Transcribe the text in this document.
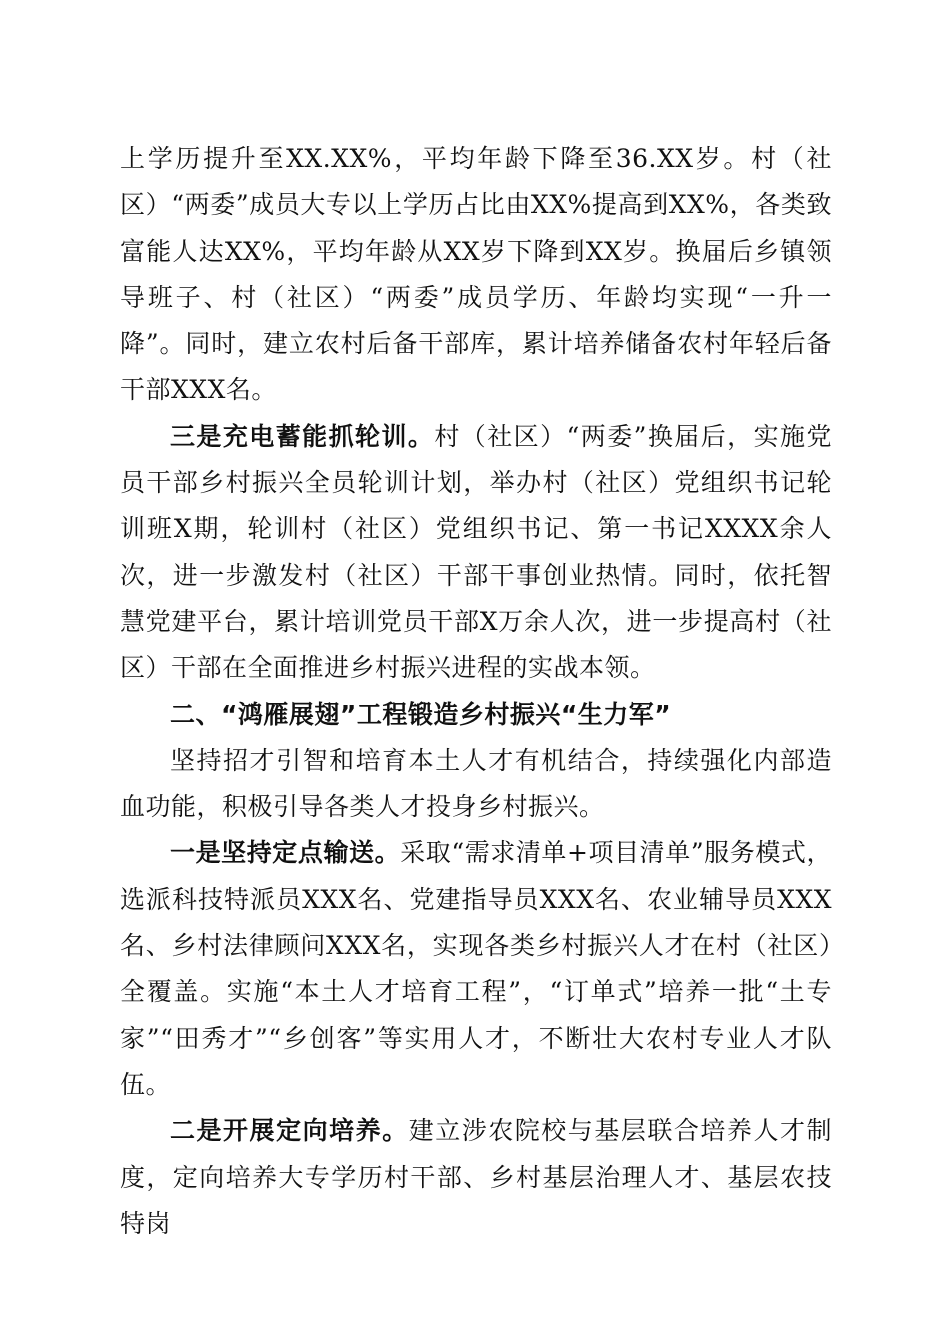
上学历提升至XX.XX%，平均年龄下降至36.XX岁。村（社区）“两委”成员大专以上学历占比由XX%提高到XX%，各类致富能人达XX%，平均年龄从XX岁下降到XX岁。换届后乡镇领导班子、村（社区）“两委”成员学历、年龄均实现“一升一降”。同时，建立农村后备干部库，累计培养储备农村年轻后备干部XXX名。

三是充电蓄能抓轮训。村（社区）“两委”换届后，实施党员干部乡村振兴全员轮训计划，举办村（社区）党组织书记轮训班X期，轮训村（社区）党组织书记、第一书记XXXX余人次，进一步激发村（社区）干部干事创业热情。同时，依托智慧党建平台，累计培训党员干部X万余人次，进一步提高村（社区）干部在全面推进乡村振兴进程的实战本领。

二、“鸿雁展翅”工程锻造乡村振兴“生力军”

坚持招才引智和培育本土人才有机结合，持续强化内部造血功能，积极引导各类人才投身乡村振兴。

一是坚持定点输送。采取“需求清单+项目清单”服务模式，选派科技特派员XXX名、党建指导员XXX名、农业辅导员XXX名、乡村法律顾问XXX名，实现各类乡村振兴人才在村（社区）全覆盖。实施“本土人才培育工程”，“订单式”培养一批“土专家”“田秀才”“乡创客”等实用人才，不断壮大农村专业人才队伍。

二是开展定向培养。建立涉农院校与基层联合培养人才制度，定向培养大专学历村干部、乡村基层治理人才、基层农技特岗
